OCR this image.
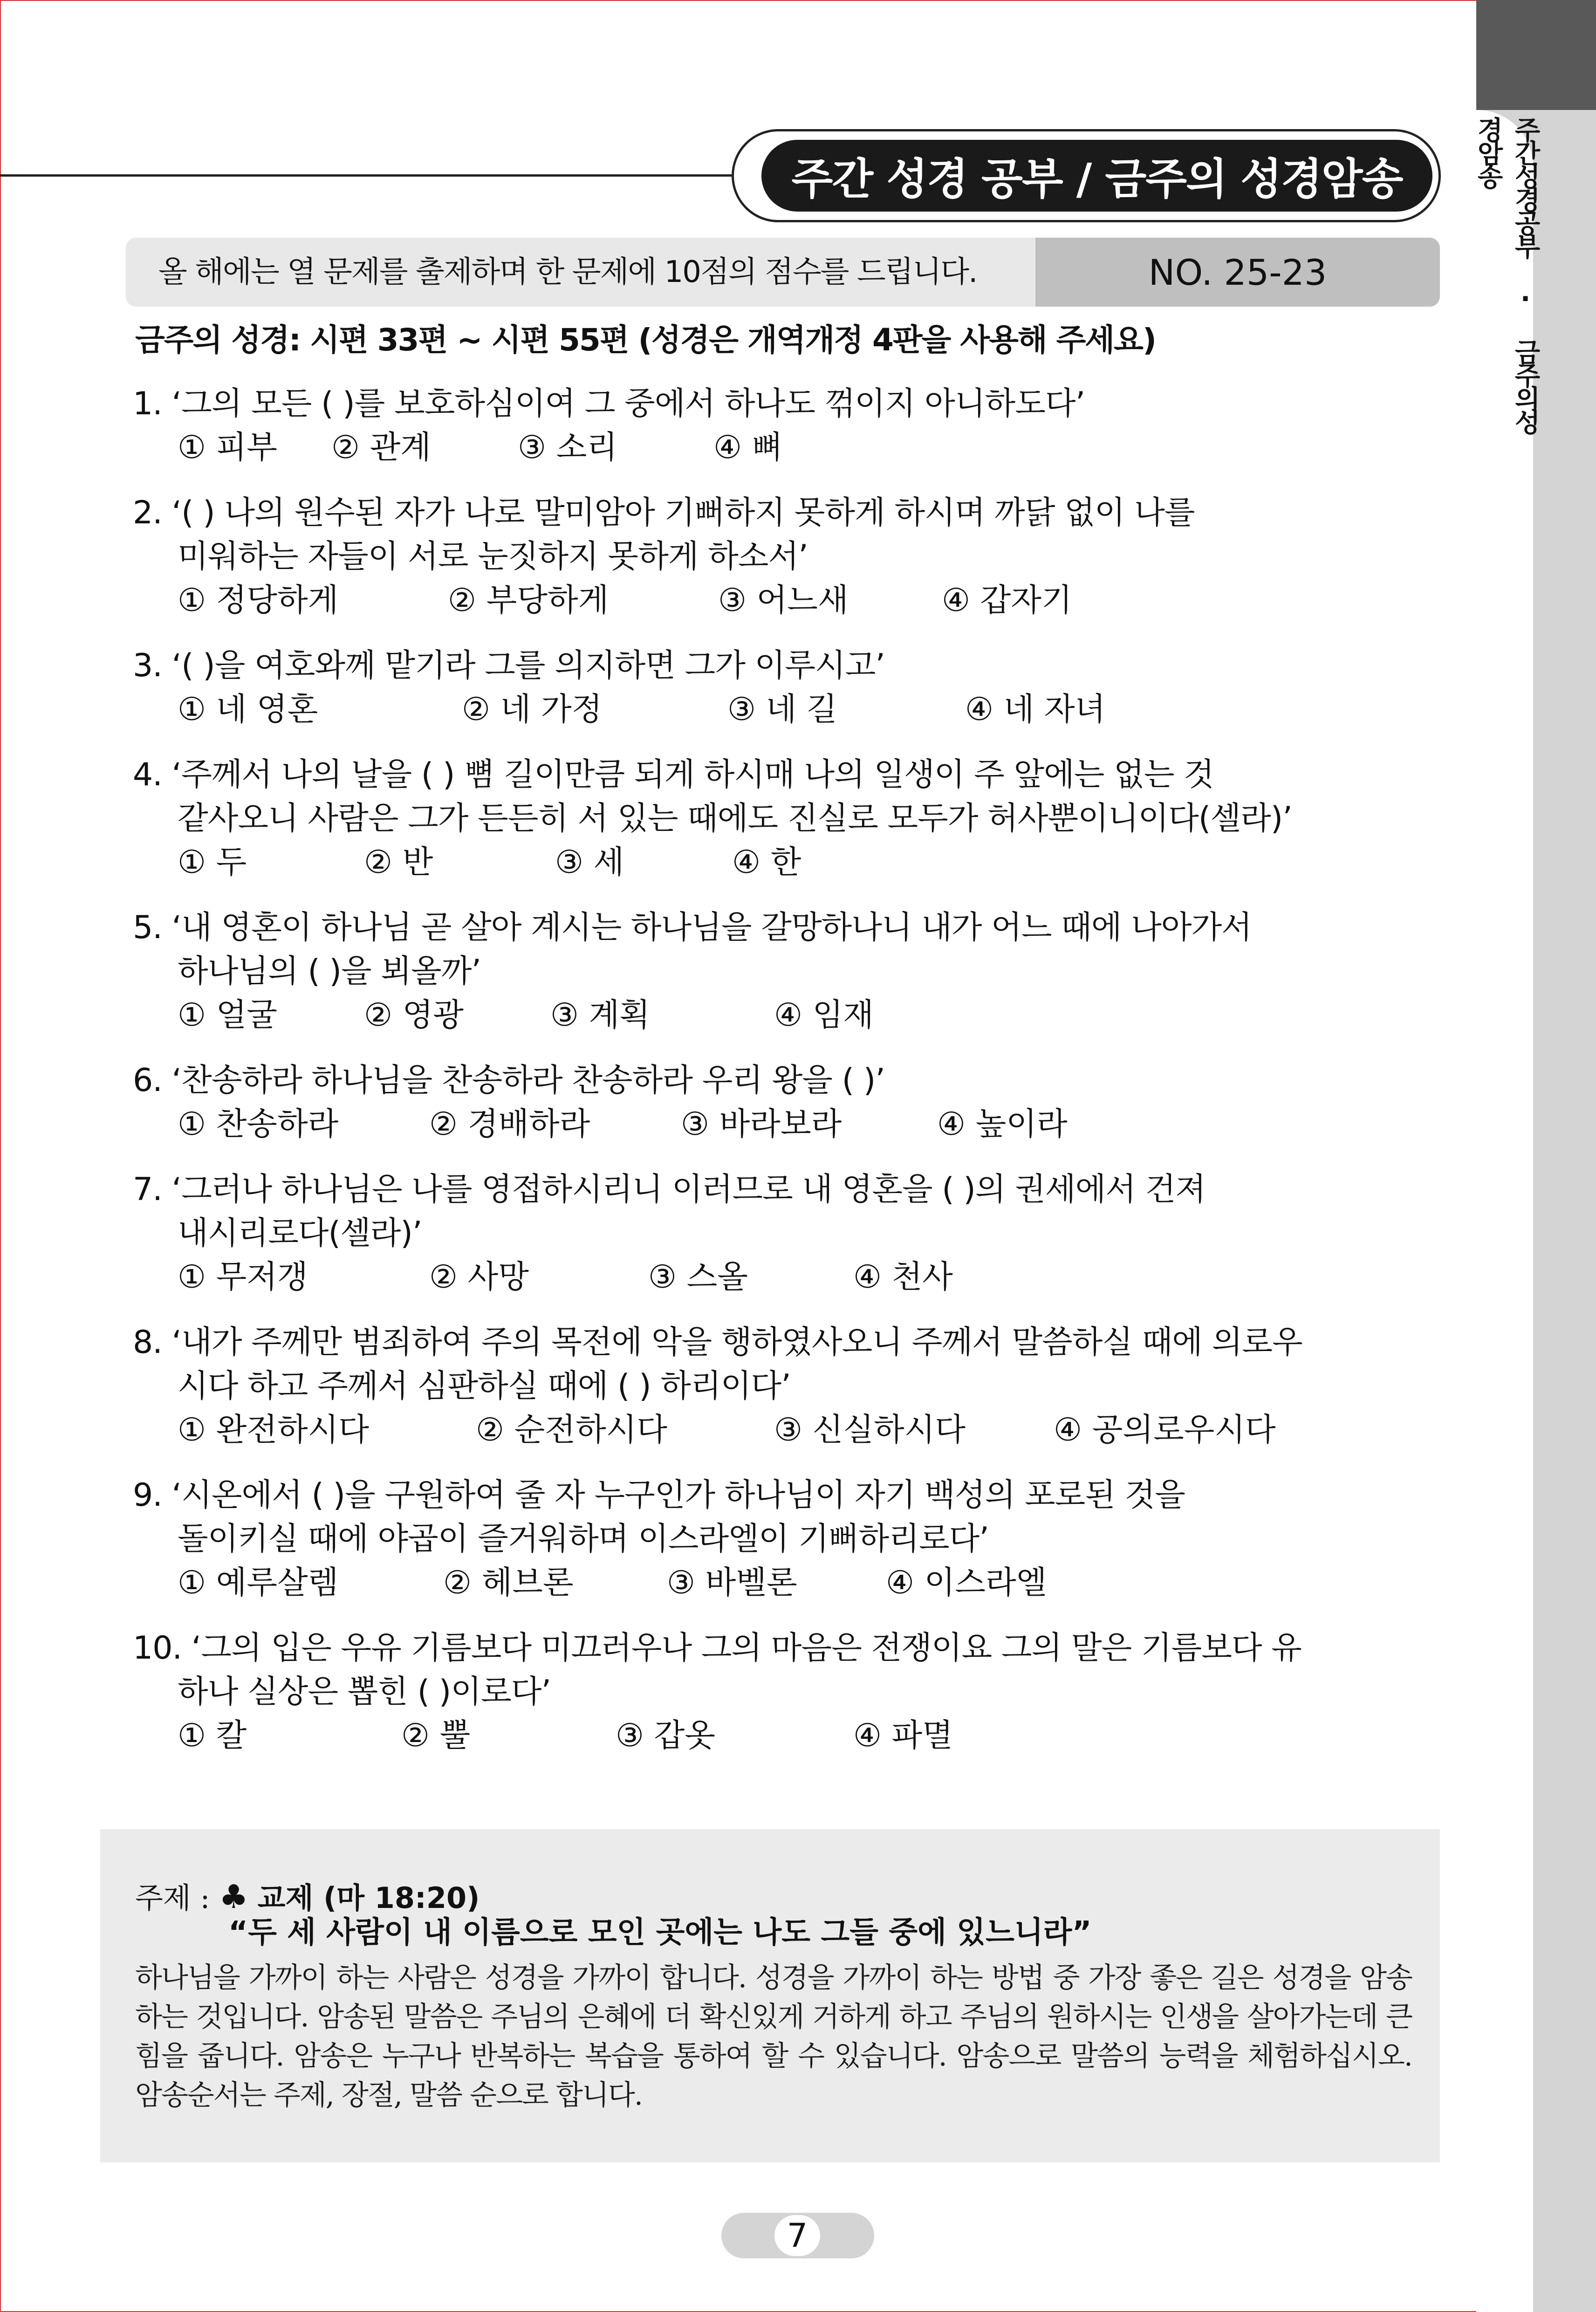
주간성경공부 · 금주의성경암송
주간 성경 공부 / 금주의 성경암송
올 해에는 열 문제를 출제하며 한 문제에 10점의 점수를 드립니다.	NO. 25-23
금주의 성경: 시편 33편 ~ 시편 55편 (성경은 개역개정 4판을 사용해 주세요)
1. ‘그의 모든 ( )를 보호하심이여 그 중에서 하나도 꺾이지 아니하도다’
① 피부 ② 관계	③ 소리	④ 뼈
2. ‘( ) 나의 원수된 자가 나로 말미암아 기뻐하지 못하게 하시며 까닭 없이 나를
미워하는 자들이 서로 눈짓하지 못하게 하소서’
① 정당하게	② 부당하게	③ 어느새	④ 갑자기
3. ‘( )을 여호와께 맡기라 그를 의지하면 그가 이루시고’
① 네 영혼	② 네 가정	③ 네 길	④ 네 자녀
4. ‘주께서 나의 날을 ( ) 뼘 길이만큼 되게 하시매 나의 일생이 주 앞에는 없는 것
같사오니 사람은 그가 든든히 서 있는 때에도 진실로 모두가 허사뿐이니이다(셀라)’
① 두	② 반	③ 세	④ 한
5. ‘내 영혼이 하나님 곧 살아 계시는 하나님을 갈망하나니 내가 어느 때에 나아가서
하나님의 ( )을 뵈올까’
① 얼굴	② 영광	③ 계획	④ 임재
6. ‘찬송하라 하나님을 찬송하라 찬송하라 우리 왕을 ( )’
① 찬송하라	② 경배하라	③ 바라보라	④ 높이라
7. ‘그러나 하나님은 나를 영접하시리니 이러므로 내 영혼을 ( )의 권세에서 건져
내시리로다(셀라)’
① 무저갱	② 사망	③ 스올	④ 천사
8. ‘내가 주께만 범죄하여 주의 목전에 악을 행하였사오니 주께서 말씀하실 때에 의로우
시다 하고 주께서 심판하실 때에 ( ) 하리이다’
① 완전하시다	② 순전하시다	③ 신실하시다	④ 공의로우시다
9. ‘시온에서 ( )을 구원하여 줄 자 누구인가 하나님이 자기 백성의 포로된 것을
돌이키실 때에 야곱이 즐거워하며 이스라엘이 기뻐하리로다’
① 예루살렘	② 헤브론	③ 바벨론	④ 이스라엘
10. ‘그의 입은 우유 기름보다 미끄러우나 그의 마음은 전쟁이요 그의 말은 기름보다 유
하나 실상은 뽑힌 ( )이로다’
① 칼	② 뿔	③ 갑옷	④ 파멸
주제 : ♣ 교제 (마 18:20)
“두 세 사람이 내 이름으로 모인 곳에는 나도 그들 중에 있느니라”
하나님을 가까이 하는 사람은 성경을 가까이 합니다. 성경을 가까이 하는 방법 중 가장 좋은 길은 성경을 암송하는 것입니다. 암송된 말씀은 주님의 은혜에 더 확신있게 거하게 하고 주님의 원하시는 인생을 살아가는데 큰 힘을 줍니다. 암송은 누구나 반복하는 복습을 통하여 할 수 있습니다. 암송으로 말씀의 능력을 체험하십시오. 암송순서는 주제, 장절, 말씀 순으로 합니다.
7
